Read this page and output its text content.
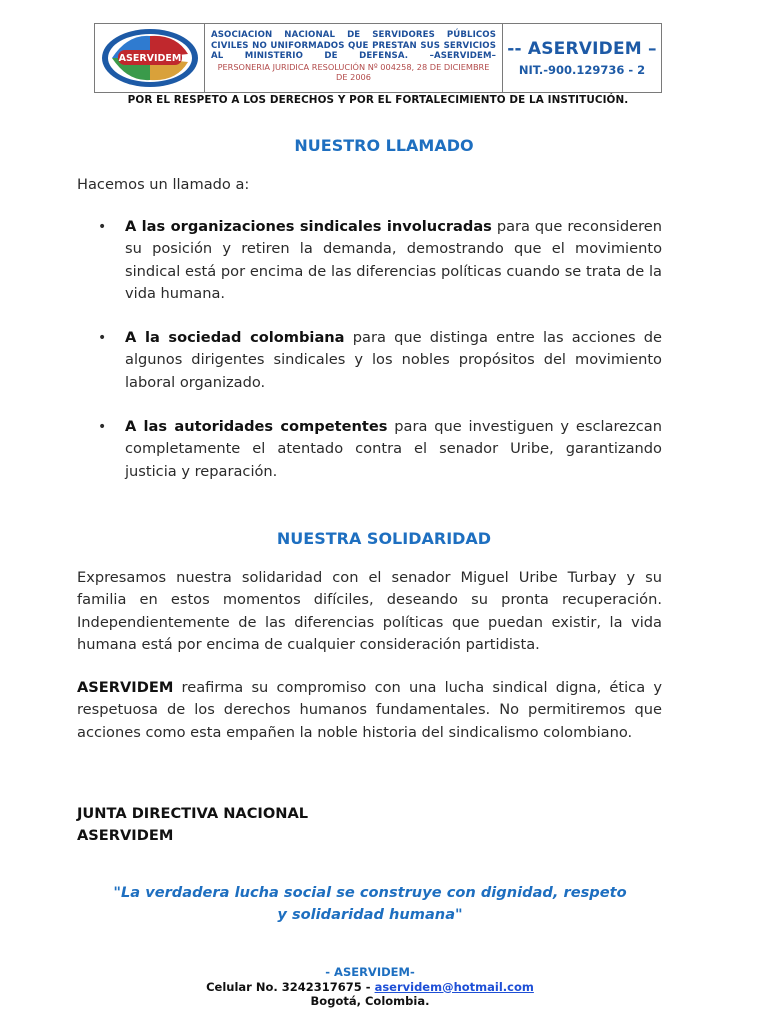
ASERVIDEM
ASOCIACION NACIONAL DE SERVIDORES PÚBLICOS CIVILES NO UNIFORMADOS QUE PRESTAN SUS SERVICIOS AL MINISTERIO DE DEFENSA. –ASERVIDEM–
PERSONERIA JURIDICA RESOLUCIÓN Nº 004258, 28 DE DICIEMBRE DE 2006
-- ASERVIDEM –
NIT.-900.129736 - 2
POR EL RESPETO A LOS DERECHOS Y POR EL FORTALECIMIENTO DE LA INSTITUCIÓN.
NUESTRO LLAMADO
Hacemos un llamado a:
• A las organizaciones sindicales involucradas para que reconsideren su posición y retiren la demanda, demostrando que el movimiento sindical está por encima de las diferencias políticas cuando se trata de la vida humana.
• A la sociedad colombiana para que distinga entre las acciones de algunos dirigentes sindicales y los nobles propósitos del movimiento laboral organizado.
• A las autoridades competentes para que investiguen y esclarezcan completamente el atentado contra el senador Uribe, garantizando justicia y reparación.
NUESTRA SOLIDARIDAD
Expresamos nuestra solidaridad con el senador Miguel Uribe Turbay y su familia en estos momentos difíciles, deseando su pronta recuperación. Independientemente de las diferencias políticas que puedan existir, la vida humana está por encima de cualquier consideración partidista.
ASERVIDEM reafirma su compromiso con una lucha sindical digna, ética y respetuosa de los derechos humanos fundamentales. No permitiremos que acciones como esta empañen la noble historia del sindicalismo colombiano.
JUNTA DIRECTIVA NACIONAL
ASERVIDEM
"La verdadera lucha social se construye con dignidad, respeto y solidaridad humana"
- ASERVIDEM-
Celular No. 3242317675 - aservidem@hotmail.com
Bogotá, Colombia.
